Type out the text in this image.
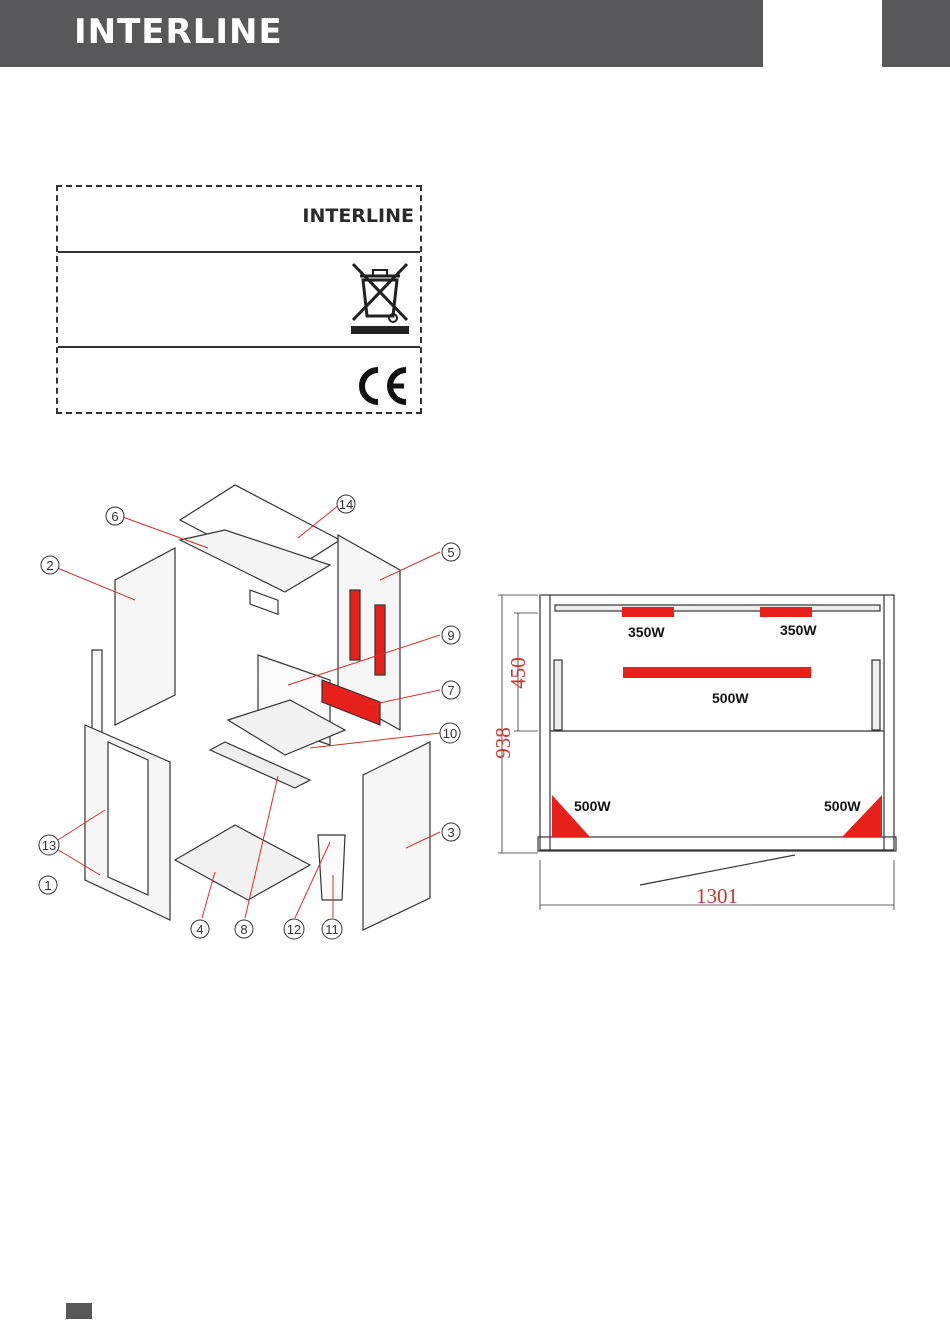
INTERLINE
INTERLINE
1
2
3
4
5
6
7
8
9
10
11
12
13
14
350W	350W
500W
500W	500W
938
450
1301
